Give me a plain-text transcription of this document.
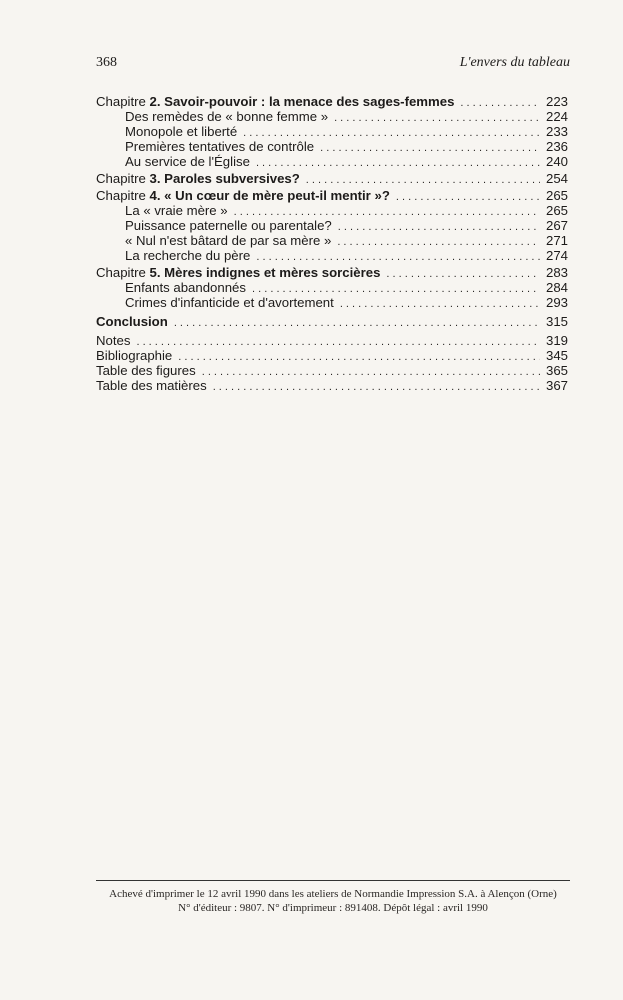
368	L'envers du tableau
Chapitre 2. Savoir-pouvoir : la menace des sages-femmes . . .	223
Des remèdes de « bonne femme » . . .	224
Monopole et liberté . . .	233
Premières tentatives de contrôle . . .	236
Au service de l'Église . . .	240
Chapitre 3. Paroles subversives? . . .	254
Chapitre 4. « Un cœur de mère peut-il mentir »? . . .	265
La « vraie mère » . . .	265
Puissance paternelle ou parentale? . . .	267
« Nul n'est bâtard de par sa mère » . . .	271
La recherche du père . . .	274
Chapitre 5. Mères indignes et mères sorcières . . .	283
Enfants abandonnés . . .	284
Crimes d'infanticide et d'avortement . . .	293
Conclusion . . .	315
Notes . . .	319
Bibliographie . . .	345
Table des figures . . .	365
Table des matières . . .	367
Achevé d'imprimer le 12 avril 1990 dans les ateliers de Normandie Impression S.A. à Alençon (Orne)
N° d'éditeur : 9807. N° d'imprimeur : 891408. Dépôt légal : avril 1990
